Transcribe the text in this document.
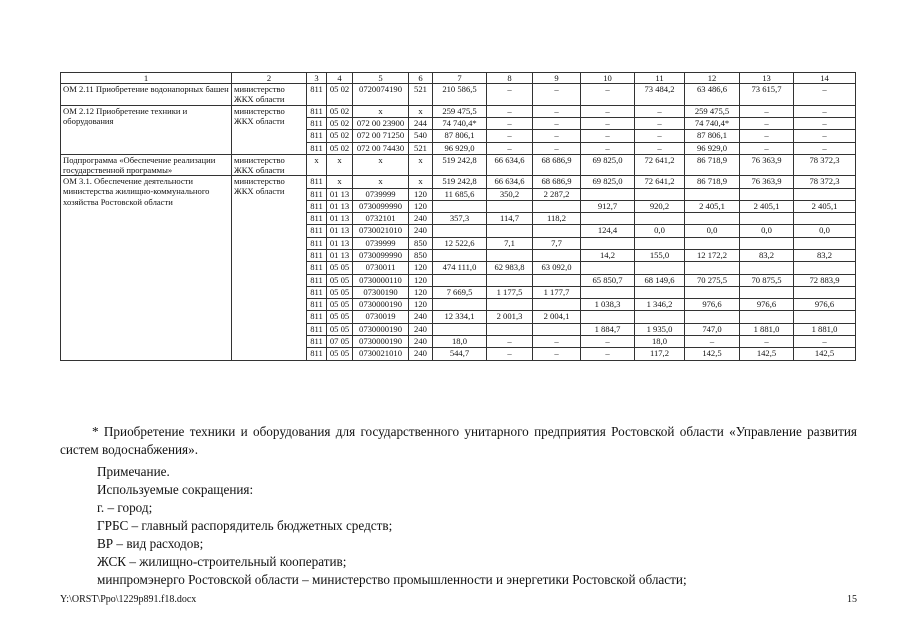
1	2	3	4	5	6	7	8	9	10	11	12	13	14
ОМ 2.11 Приобретение водонапорных башен	министерство ЖКХ области	811	05 02	0720074190	521	210 586,5	–	–	–	73 484,2	63 486,6	73 615,7	–
ОМ 2.12 Приобретение техники и оборудования	министерство ЖКХ области	811	05 02	х	х	259 475,5	–	–	–	–	259 475,5	–	–
		811	05 02	072 00 23900	244	74 740,4*	–	–	–	–	74 740,4*	–	–
		811	05 02	072 00 71250	540	87 806,1	–	–	–	–	87 806,1	–	–
		811	05 02	072 00 74430	521	96 929,0	–	–	–	–	96 929,0	–	–
Подпрограмма «Обеспечение реализации государственной программы»	министерство ЖКХ области	х	х	х	х	519 242,8	66 634,6	68 686,9	69 825,0	72 641,2	86 718,9	76 363,9	78 372,3
ОМ 3.1. Обеспечение деятельности министерства жилищно-коммунального хозяйства Ростовской области	министерство ЖКХ области	811	х	х	х	519 242,8	66 634,6	68 686,9	69 825,0	72 641,2	86 718,9	76 363,9	78 372,3
		811	01 13	0739999	120	11 685,6	350,2	2 287,2					
		811	01 13	0730099990	120				912,7	920,2	2 405,1	2 405,1	2 405,1
		811	01 13	0732101	240	357,3	114,7	118,2					
		811	01 13	0730021010	240				124,4	0,0	0,0	0,0	0,0
		811	01 13	0739999	850	12 522,6	7,1	7,7					
		811	01 13	0730099990	850				14,2	155,0	12 172,2	83,2	83,2
		811	05 05	0730011	120	474 111,0	62 983,8	63 092,0					
		811	05 05	0730000110	120				65 850,7	68 149,6	70 275,5	70 875,5	72 883,9
		811	05 05	07300190	120	7 669,5	1 177,5	1 177,7					
		811	05 05	0730000190	120				1 038,3	1 346,2	976,6	976,6	976,6
		811	05 05	0730019	240	12 334,1	2 001,3	2 004,1					
		811	05 05	0730000190	240				1 884,7	1 935,0	747,0	1 881,0	1 881,0
		811	07 05	0730000190	240	18,0	–	–	–	18,0	–	–	–
		811	05 05	0730021010	240	544,7	–	–	–	117,2	142,5	142,5	142,5

* Приобретение техники и оборудования для государственного унитарного предприятия Ростовской области «Управление развития систем водоснабжения».

Примечание.

Используемые сокращения:

г. – город;

ГРБС – главный распорядитель бюджетных средств;

ВР – вид расходов;

ЖСК – жилищно-строительный кооператив;

минпромэнерго Ростовской области – министерство промышленности и энергетики Ростовской области;

Y:\ORST\Ppo\1229p891.f18.docx	15
